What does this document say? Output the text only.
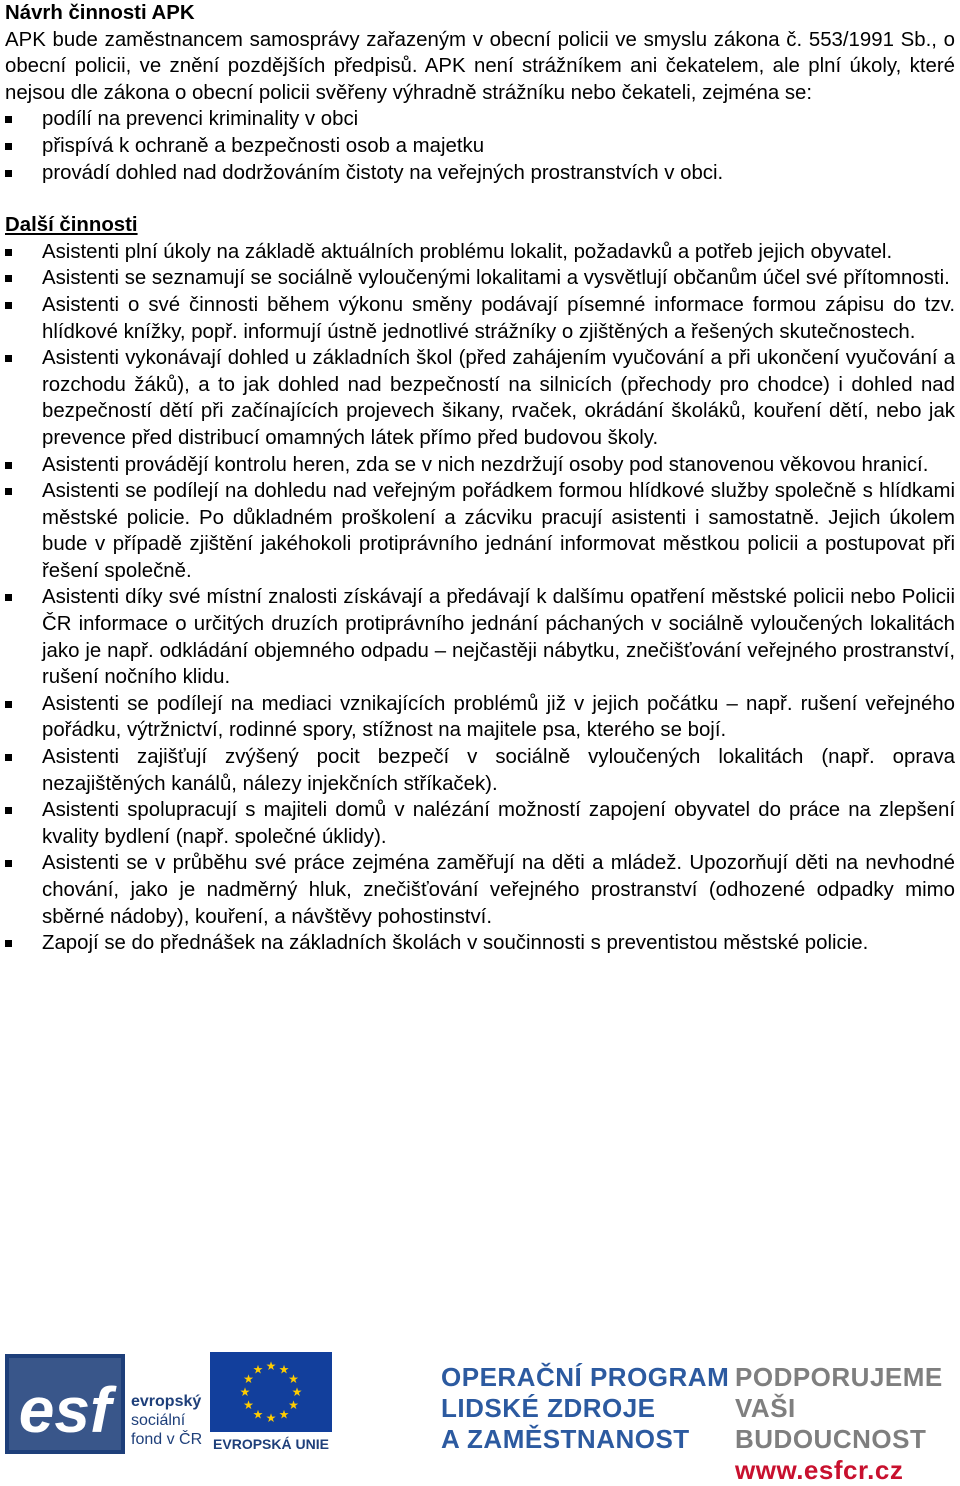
Návrh činnosti APK

APK bude zaměstnancem samosprávy zařazeným v obecní policii ve smyslu zákona č. 553/1991 Sb., o obecní policii, ve znění pozdějších předpisů. APK není strážníkem ani čekatelem, ale plní úkoly, které nejsou dle zákona o obecní policii svěřeny výhradně strážníku nebo čekateli, zejména se:

podílí na prevenci kriminality v obci
přispívá k ochraně a bezpečnosti osob a majetku
provádí dohled nad dodržováním čistoty na veřejných prostranstvích v obci.
Další činnosti
Asistenti plní úkoly na základě aktuálních problému lokalit, požadavků a potřeb jejich obyvatel.
Asistenti se seznamují se sociálně vyloučenými lokalitami a vysvětlují občanům účel své přítomnosti.
Asistenti o své činnosti během výkonu směny podávají písemné informace formou zápisu do tzv. hlídkové knížky, popř. informují ústně jednotlivé strážníky o zjištěných a řešených skutečnostech.
Asistenti vykonávají dohled u základních škol (před zahájením vyučování a při ukončení vyučování a rozchodu žáků), a to jak dohled nad bezpečností na silnicích (přechody pro chodce) i dohled nad bezpečností dětí při začínajících projevech šikany, rvaček, okrádání školáků, kouření dětí, nebo jak prevence před distribucí omamných látek přímo před budovou školy.
Asistenti provádějí kontrolu heren, zda se v nich nezdržují osoby pod stanovenou věkovou hranicí.
Asistenti se podílejí na dohledu nad veřejným pořádkem formou hlídkové služby společně s hlídkami městské policie. Po důkladném proškolení a zácviku pracují asistenti i samostatně. Jejich úkolem bude v případě zjištění jakéhokoli protiprávního jednání informovat městkou policii a postupovat při řešení společně.
Asistenti díky své místní znalosti získávají a předávají k dalšímu opatření městské policii nebo Policii ČR informace o určitých druzích protiprávního jednání páchaných v sociálně vyloučených lokalitách jako je např. odkládání objemného odpadu – nejčastěji nábytku, znečišťování veřejného prostranství, rušení nočního klidu.
Asistenti se podílejí na mediaci vznikajících problémů již v jejich počátku – např. rušení veřejného pořádku, výtržnictví, rodinné spory, stížnost na majitele psa, kterého se bojí.
Asistenti zajišťují zvýšený pocit bezpečí v sociálně vyloučených lokalitách (např. oprava nezajištěných kanálů, nálezy injekčních stříkaček).
Asistenti spolupracují s majiteli domů v nalézání možností zapojení obyvatel do práce na zlepšení kvality bydlení (např. společné úklidy).
Asistenti se v průběhu své práce zejména zaměřují na děti a mládež. Upozorňují děti na nevhodné chování, jako je nadměrný hluk, znečišťování veřejného prostranství (odhozené odpadky mimo sběrné nádoby), kouření, a návštěvy pohostinství.
Zapojí se do přednášek na základních školách v součinnosti s preventistou městské policie.
esf	evropský
sociální
fond v ČR
★
★
★
★
★
★
★
★
★ ★ ★
★
EVROPSKÁ UNIE
OPERAČNÍ PROGRAM
LIDSKÉ ZDROJE
A ZAMĚSTNANOST
PODPORUJEME
VAŠI BUDOUCNOST
www.esfcr.cz
